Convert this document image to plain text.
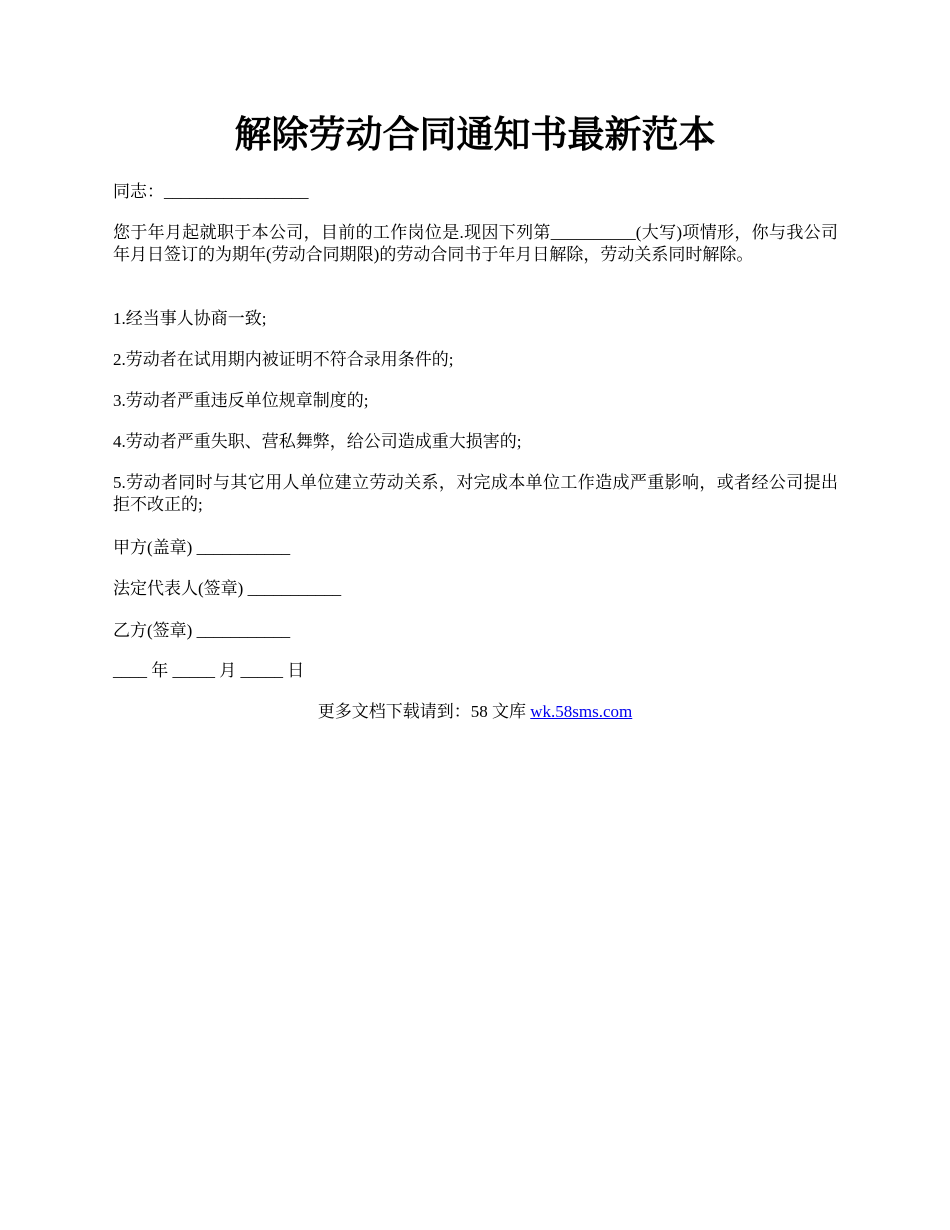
解除劳动合同通知书最新范本
同志：_________________
您于年月起就职于本公司，目前的工作岗位是.现因下列第__________(大写)项情形，你与我公司年月日签订的为期年(劳动合同期限)的劳动合同书于年月日解除，劳动关系同时解除。
1.经当事人协商一致;
2.劳动者在试用期内被证明不符合录用条件的;
3.劳动者严重违反单位规章制度的;
4.劳动者严重失职、营私舞弊，给公司造成重大损害的;
5.劳动者同时与其它用人单位建立劳动关系，对完成本单位工作造成严重影响，或者经公司提出拒不改正的;
甲方(盖章) ___________
法定代表人(签章) ___________
乙方(签章) ___________
____ 年 _____ 月 _____ 日
更多文档下载请到：58 文库 wk.58sms.com
